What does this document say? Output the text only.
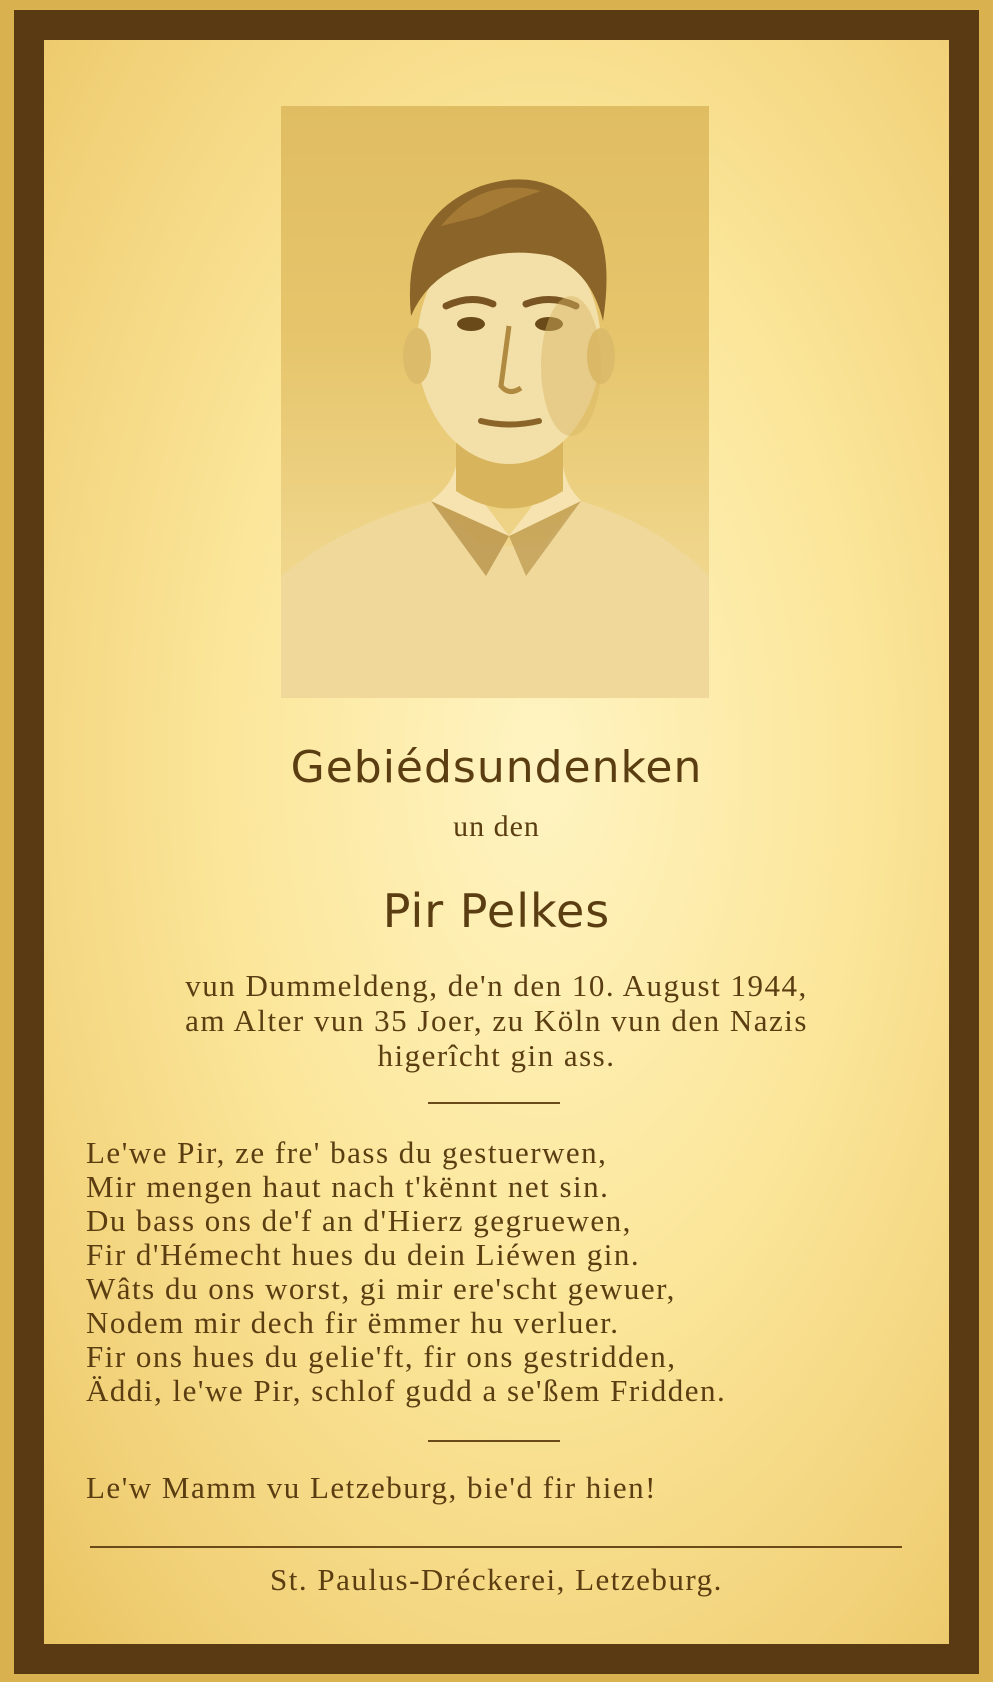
Gebiédsundenken
un den
Pir Pelkes
vun Dummeldeng, de'n den 10. August 1944,
am Alter vun 35 Joer, zu Köln vun den Nazis
higerîcht gin ass.
Le'we Pir, ze fre' bass du gestuerwen,
Mir mengen haut nach t'kënnt net sin.
Du bass ons de'f an d'Hierz gegruewen,
Fir d'Hémecht hues du dein Liéwen gin.
Wâts du ons worst, gi mir ere'scht gewuer,
Nodem mir dech fir ëmmer hu verluer.
Fir ons hues du gelie'ft, fir ons gestridden,
Äddi, le'we Pir, schlof gudd a se'ßem Fridden.
Le'w Mamm vu Letzeburg, bie'd fir hien!
St. Paulus-Dréckerei, Letzeburg.
